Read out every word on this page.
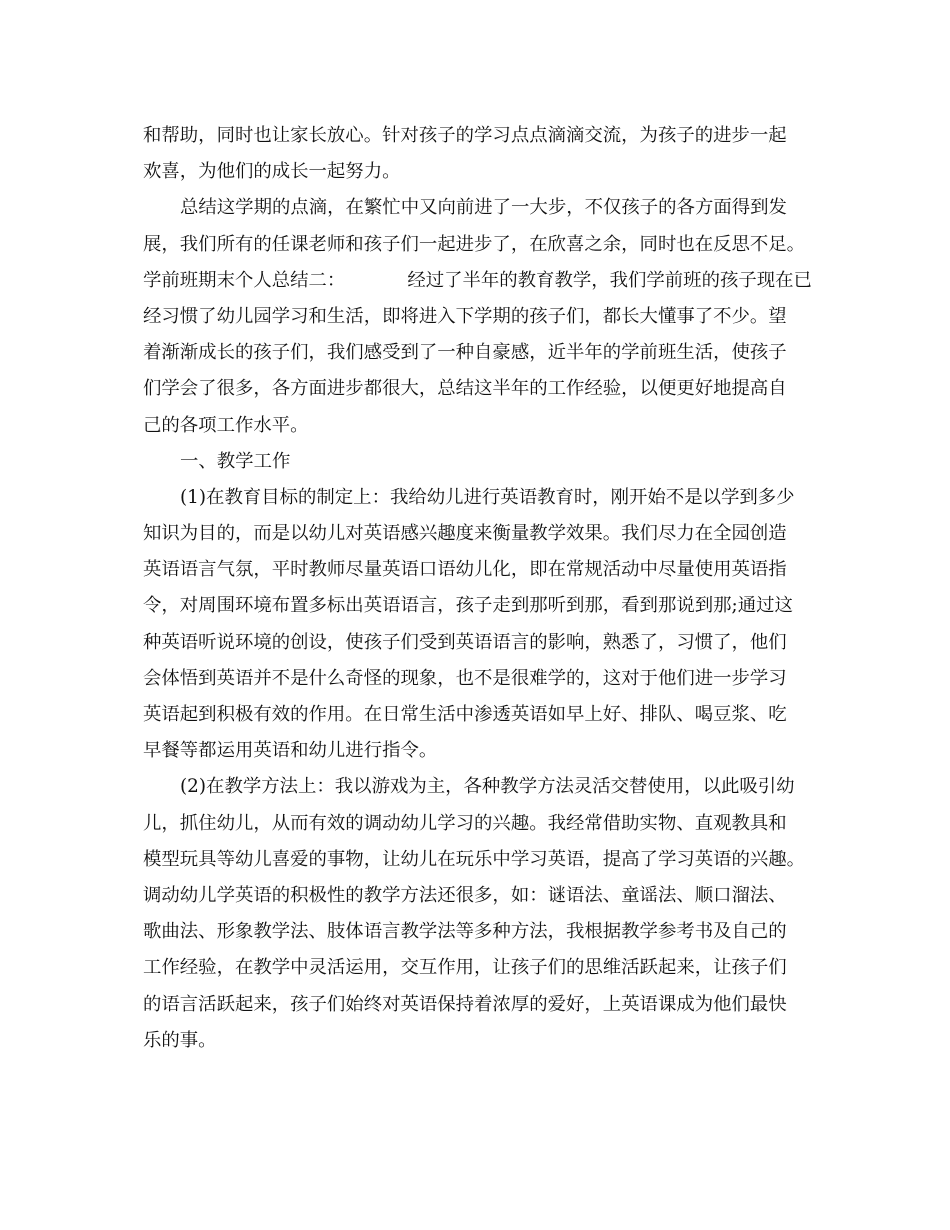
和帮助，同时也让家长放心。针对孩子的学习点点滴滴交流，为孩子的进步一起
欢喜，为他们的成长一起努力。
总结这学期的点滴，在繁忙中又向前进了一大步，不仅孩子的各方面得到发
展，我们所有的任课老师和孩子们一起进步了，在欣喜之余，同时也在反思不足。
学前班期末个人总结二：	经过了半年的教育教学，我们学前班的孩子现在已
经习惯了幼儿园学习和生活，即将进入下学期的孩子们，都长大懂事了不少。望
着渐渐成长的孩子们，我们感受到了一种自豪感，近半年的学前班生活，使孩子
们学会了很多，各方面进步都很大，总结这半年的工作经验，以便更好地提高自
己的各项工作水平。
一、教学工作
(1)在教育目标的制定上：我给幼儿进行英语教育时，刚开始不是以学到多少
知识为目的，而是以幼儿对英语感兴趣度来衡量教学效果。我们尽力在全园创造
英语语言气氛，平时教师尽量英语口语幼儿化，即在常规活动中尽量使用英语指
令，对周围环境布置多标出英语语言，孩子走到那听到那，看到那说到那;通过这
种英语听说环境的创设，使孩子们受到英语语言的影响，熟悉了，习惯了，他们
会体悟到英语并不是什么奇怪的现象，也不是很难学的，这对于他们进一步学习
英语起到积极有效的作用。在日常生活中渗透英语如早上好、排队、喝豆浆、吃
早餐等都运用英语和幼儿进行指令。
(2)在教学方法上：我以游戏为主，各种教学方法灵活交替使用，以此吸引幼
儿，抓住幼儿，从而有效的调动幼儿学习的兴趣。我经常借助实物、直观教具和
模型玩具等幼儿喜爱的事物，让幼儿在玩乐中学习英语，提高了学习英语的兴趣。
调动幼儿学英语的积极性的教学方法还很多，如：谜语法、童谣法、顺口溜法、
歌曲法、形象教学法、肢体语言教学法等多种方法，我根据教学参考书及自己的
工作经验，在教学中灵活运用，交互作用，让孩子们的思维活跃起来，让孩子们
的语言活跃起来，孩子们始终对英语保持着浓厚的爱好，上英语课成为他们最快
乐的事。
